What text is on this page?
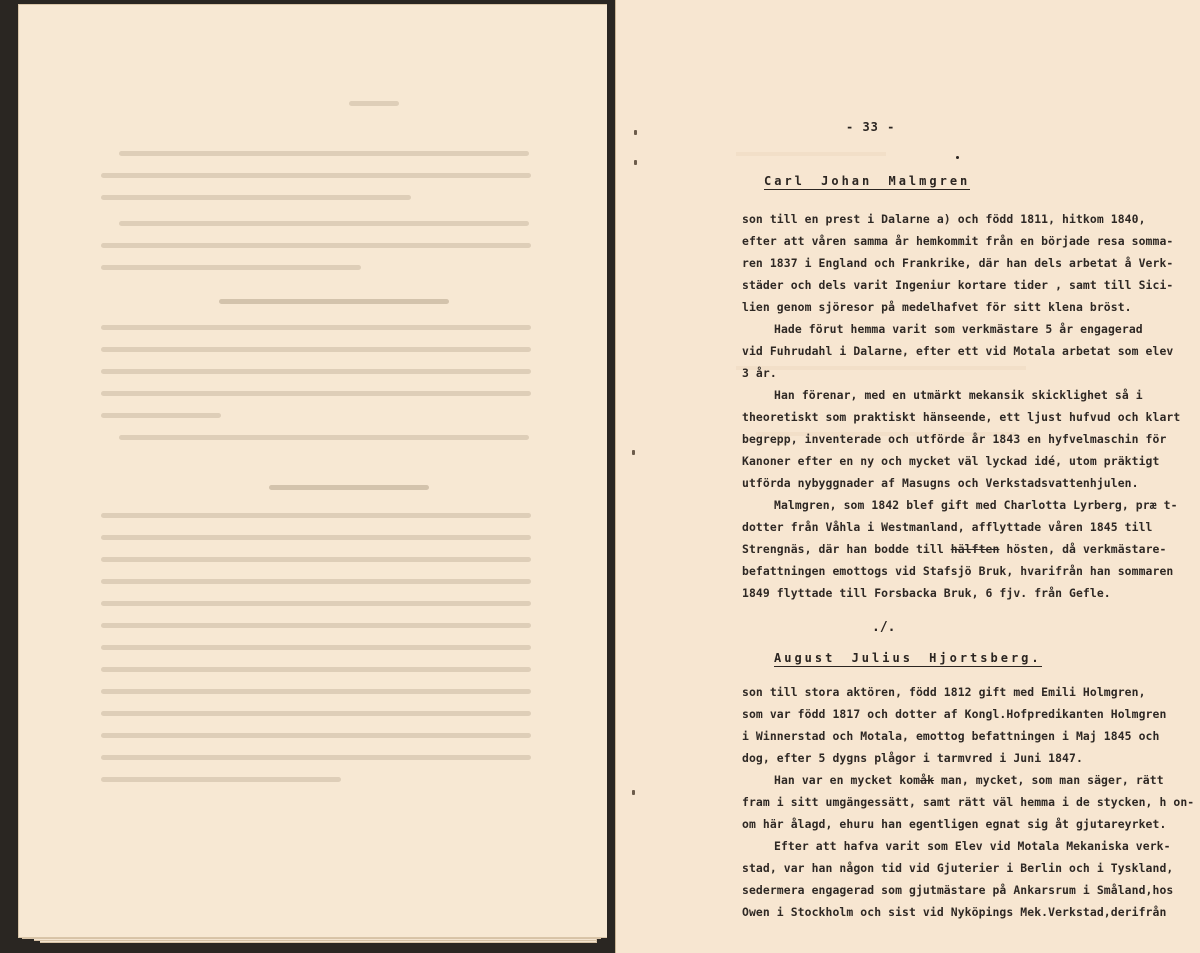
- 33 -
Carl Johan Malmgren
son till en prest i Dalarne a) och född 1811, hitkom 1840,
efter att våren samma år hemkommit från en började resa somma-
ren 1837 i England och Frankrike, där han dels arbetat å Verk-
städer och dels varit Ingeniur kortare tider , samt till Sici-
lien genom sjöresor på medelhafvet för sitt klena bröst.
Hade förut hemma varit som verkmästare 5 år engagerad
vid Fuhrudahl i Dalarne, efter ett vid Motala arbetat som elev
3 år.
Han förenar, med en utmärkt mekansik skicklighet så i
theoretiskt som praktiskt hänseende, ett ljust hufvud och klart
begrepp, inventerade och utförde år 1843 en hyfvelmaschin för
Kanoner efter en ny och mycket väl lyckad idé, utom präktigt
utförda nybyggnader af Masugns och Verkstadsvattenhjulen.
Malmgren, som 1842 blef gift med Charlotta Lyrberg, præ t-
dotter från Våhla i Westmanland, afflyttade våren 1845 till
Strengnäs, där han bodde till hälften hösten, då verkmästare-
befattningen emottogs vid Stafsjö Bruk, hvarifrån han sommaren
1849 flyttade till Forsbacka Bruk, 6 fjv. från Gefle.
./.
August Julius Hjortsberg.
son till stora aktören, född 1812 gift med Emili Holmgren,
som var född 1817 och dotter af Kongl.Hofpredikanten Holmgren
i Winnerstad och Motala, emottog befattningen i Maj 1845 och
dog, efter 5 dygns plågor i tarmvred i Juni 1847.
Han var en mycket komåk man, mycket, som man säger, rätt
fram i sitt umgängessätt, samt rätt väl hemma i de stycken, h on-
om här ålagd, ehuru han egentligen egnat sig åt gjutareyrket.
Efter att hafva varit som Elev vid Motala Mekaniska verk-
stad, var han någon tid vid Gjuterier i Berlin och i Tyskland,
sedermera engagerad som gjutmästare på Ankarsrum i Småland,hos
Owen i Stockholm och sist vid Nyköpings Mek.Verkstad,derifrån
